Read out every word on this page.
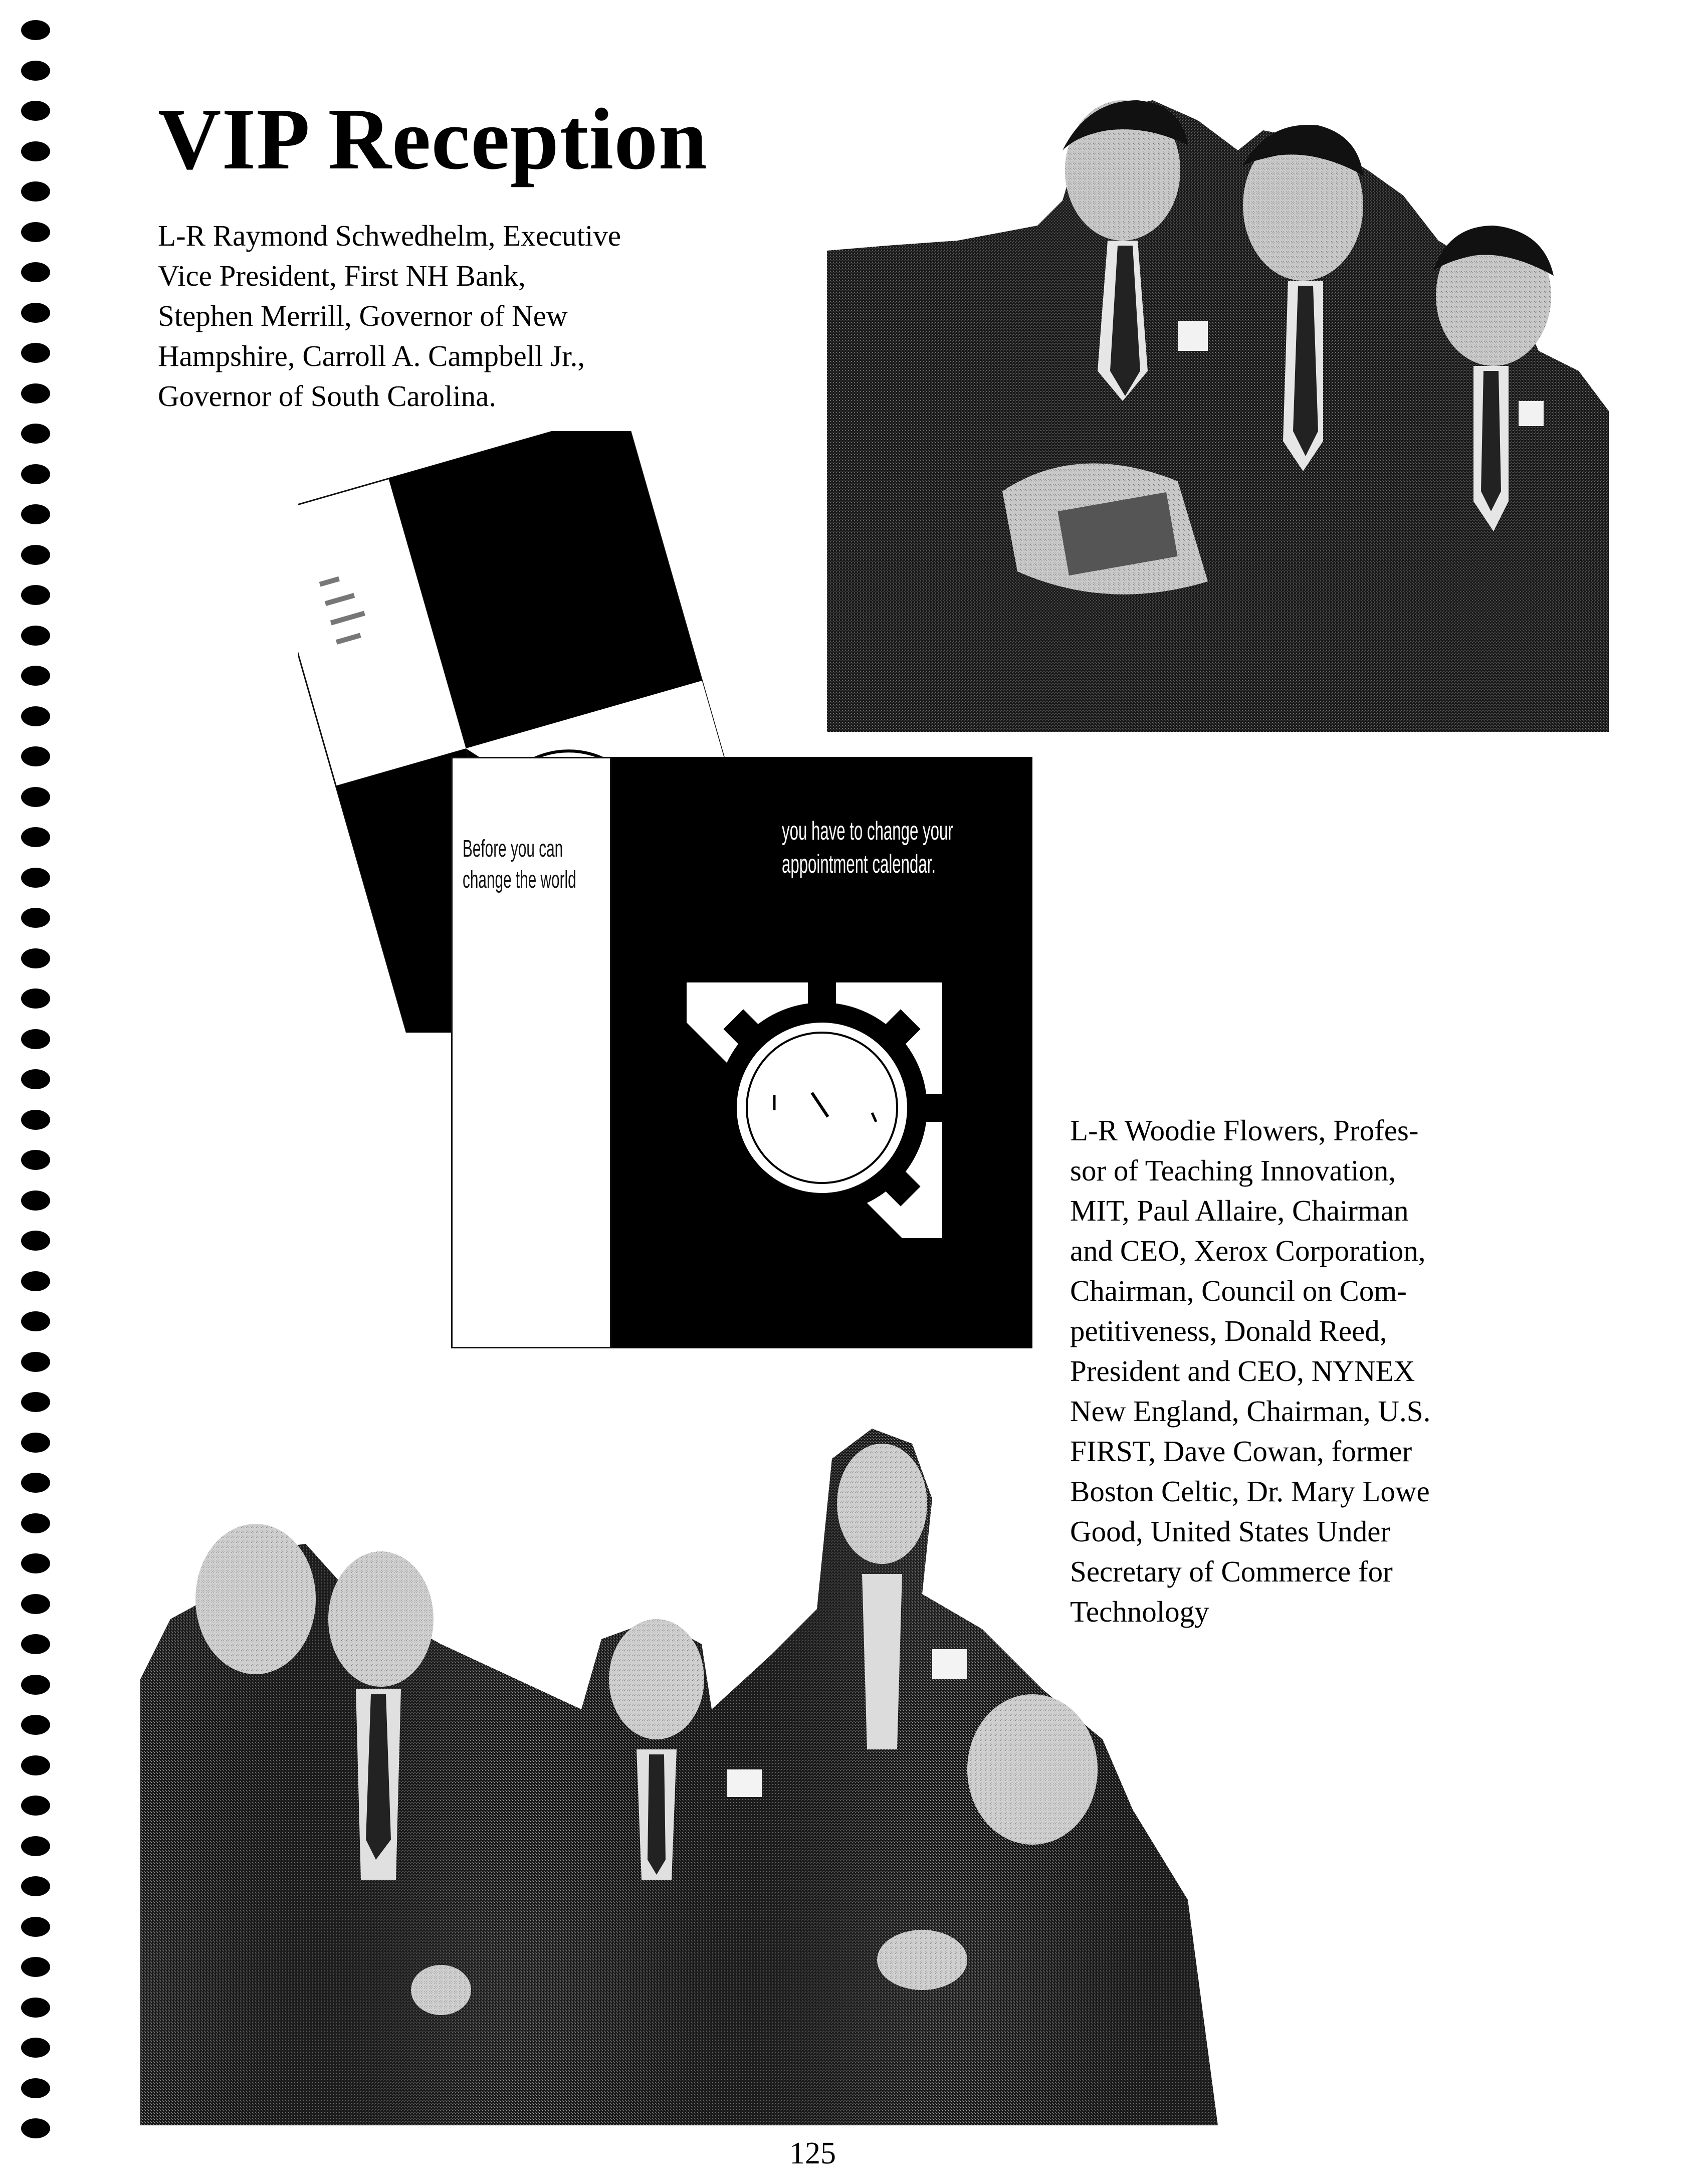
VIP Reception

L-R Raymond Schwedhelm, Executive

Vice President, First NH Bank,

Stephen Merrill, Governor of New

Hampshire, Carroll A. Campbell Jr.,

Governor of South Carolina.

Before you can
change the world
you have to change your
appointment calendar.

L-R Woodie Flowers, Profes-

sor of Teaching Innovation,

MIT, Paul Allaire, Chairman

and CEO, Xerox Corporation,

Chairman, Council on Com-

petitiveness, Donald Reed,

President and CEO, NYNEX

New England, Chairman, U.S.

FIRST, Dave Cowan, former

Boston Celtic, Dr. Mary Lowe

Good, United States Under

Secretary of Commerce for

Technology

125
